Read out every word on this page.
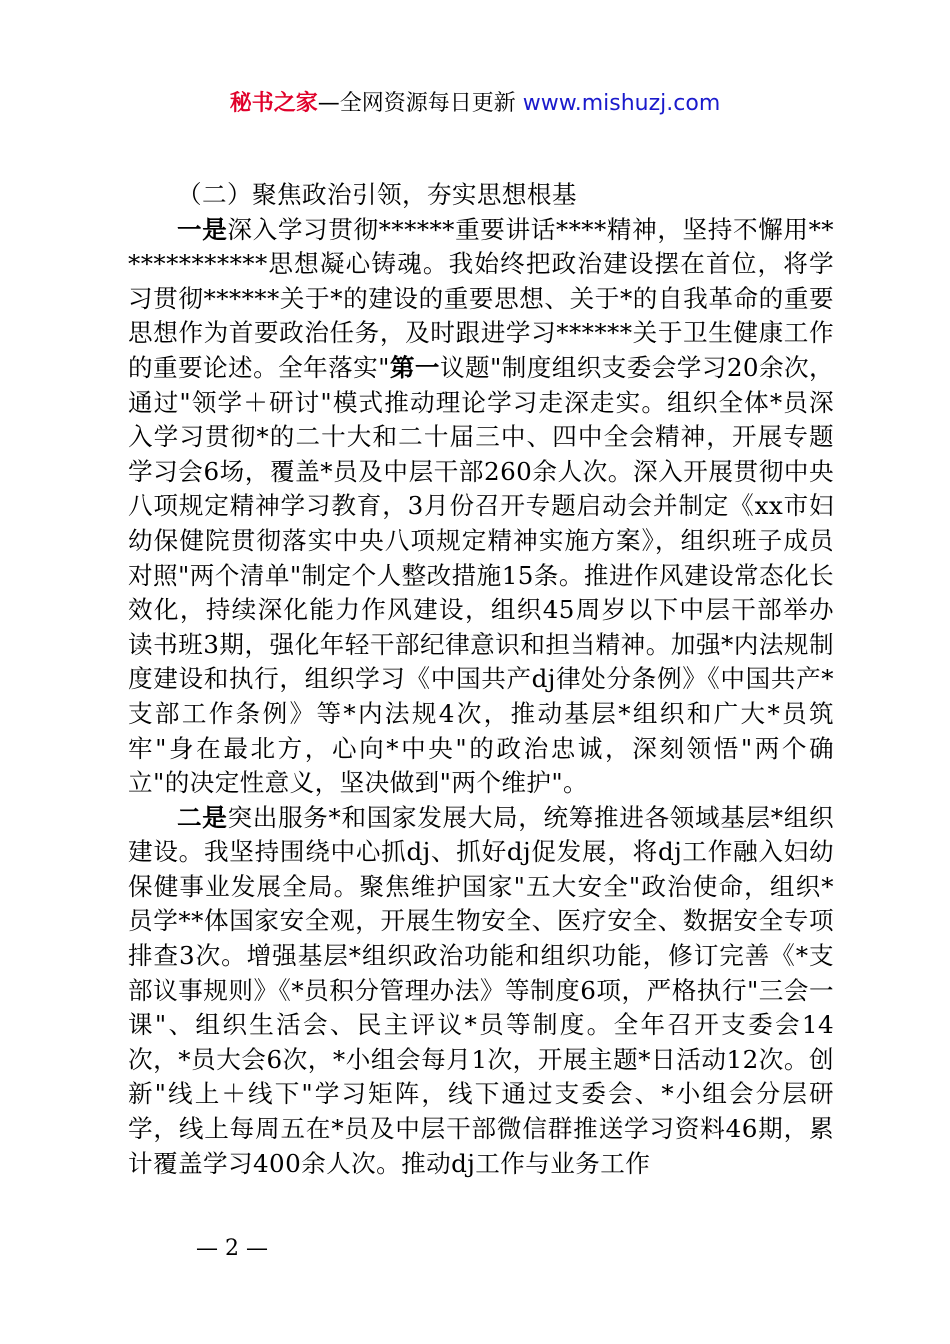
秘书之家—全网资源每日更新 www.mishuzj.com

（二）聚焦政治引领，夯实思想根基

一是深入学习贯彻******重要讲话****精神，坚持不懈用*************思想凝心铸魂。我始终把政治建设摆在首位，将学习贯彻******关于*的建设的重要思想、关于*的自我革命的重要思想作为首要政治任务，及时跟进学习******关于卫生健康工作的重要论述。全年落实"第一议题"制度组织支委会学习20余次，通过"领学＋研讨"模式推动理论学习走深走实。组织全体*员深入学习贯彻*的二十大和二十届三中、四中全会精神，开展专题学习会6场，覆盖*员及中层干部260余人次。深入开展贯彻中央八项规定精神学习教育，3月份召开专题启动会并制定《xx市妇幼保健院贯彻落实中央八项规定精神实施方案》，组织班子成员对照"两个清单"制定个人整改措施15条。推进作风建设常态化长效化，持续深化能力作风建设，组织45周岁以下中层干部举办读书班3期，强化年轻干部纪律意识和担当精神。加强*内法规制度建设和执行，组织学习《中国共产dj律处分条例》《中国共产*支部工作条例》等*内法规4次，推动基层*组织和广大*员筑牢"身在最北方，心向*中央"的政治忠诚，深刻领悟"两个确立"的决定性意义，坚决做到"两个维护"。

二是突出服务*和国家发展大局，统筹推进各领域基层*组织建设。我坚持围绕中心抓dj、抓好dj促发展，将dj工作融入妇幼保健事业发展全局。聚焦维护国家"五大安全"政治使命，组织*员学**体国家安全观，开展生物安全、医疗安全、数据安全专项排查3次。增强基层*组织政治功能和组织功能，修订完善《*支部议事规则》《*员积分管理办法》等制度6项，严格执行"三会一课"、组织生活会、民主评议*员等制度。全年召开支委会14次，*员大会6次，*小组会每月1次，开展主题*日活动12次。创新"线上＋线下"学习矩阵，线下通过支委会、*小组会分层研学，线上每周五在*员及中层干部微信群推送学习资料46期，累计覆盖学习400余人次。推动dj工作与业务工作

— 2 —
